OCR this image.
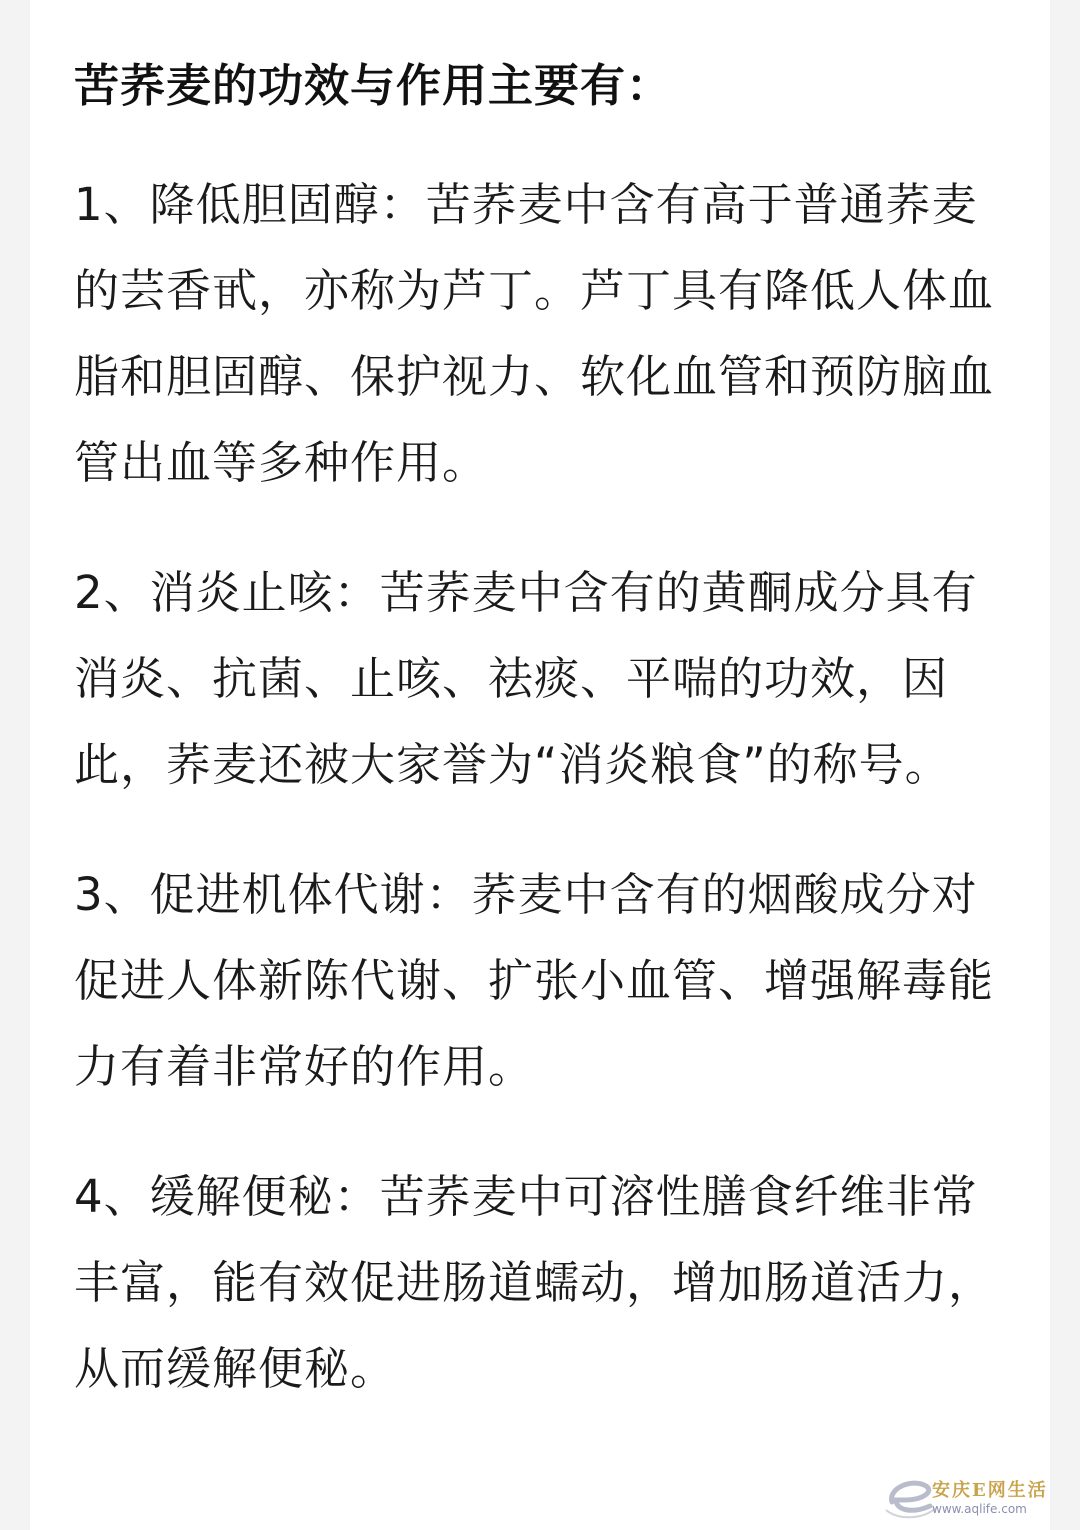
苦荞麦的功效与作用主要有：

1、降低胆固醇：苦荞麦中含有高于普通荞麦的芸香甙，亦称为芦丁。芦丁具有降低人体血脂和胆固醇、保护视力、软化血管和预防脑血管出血等多种作用。

2、消炎止咳：苦荞麦中含有的黄酮成分具有消炎、抗菌、止咳、祛痰、平喘的功效，因此，荞麦还被大家誉为“消炎粮食”的称号。

3、促进机体代谢：荞麦中含有的烟酸成分对促进人体新陈代谢、扩张小血管、增强解毒能力有着非常好的作用。

4、缓解便秘：苦荞麦中可溶性膳食纤维非常丰富，能有效促进肠道蠕动，增加肠道活力，从而缓解便秘。

安庆E网生活
www.aqlife.com
